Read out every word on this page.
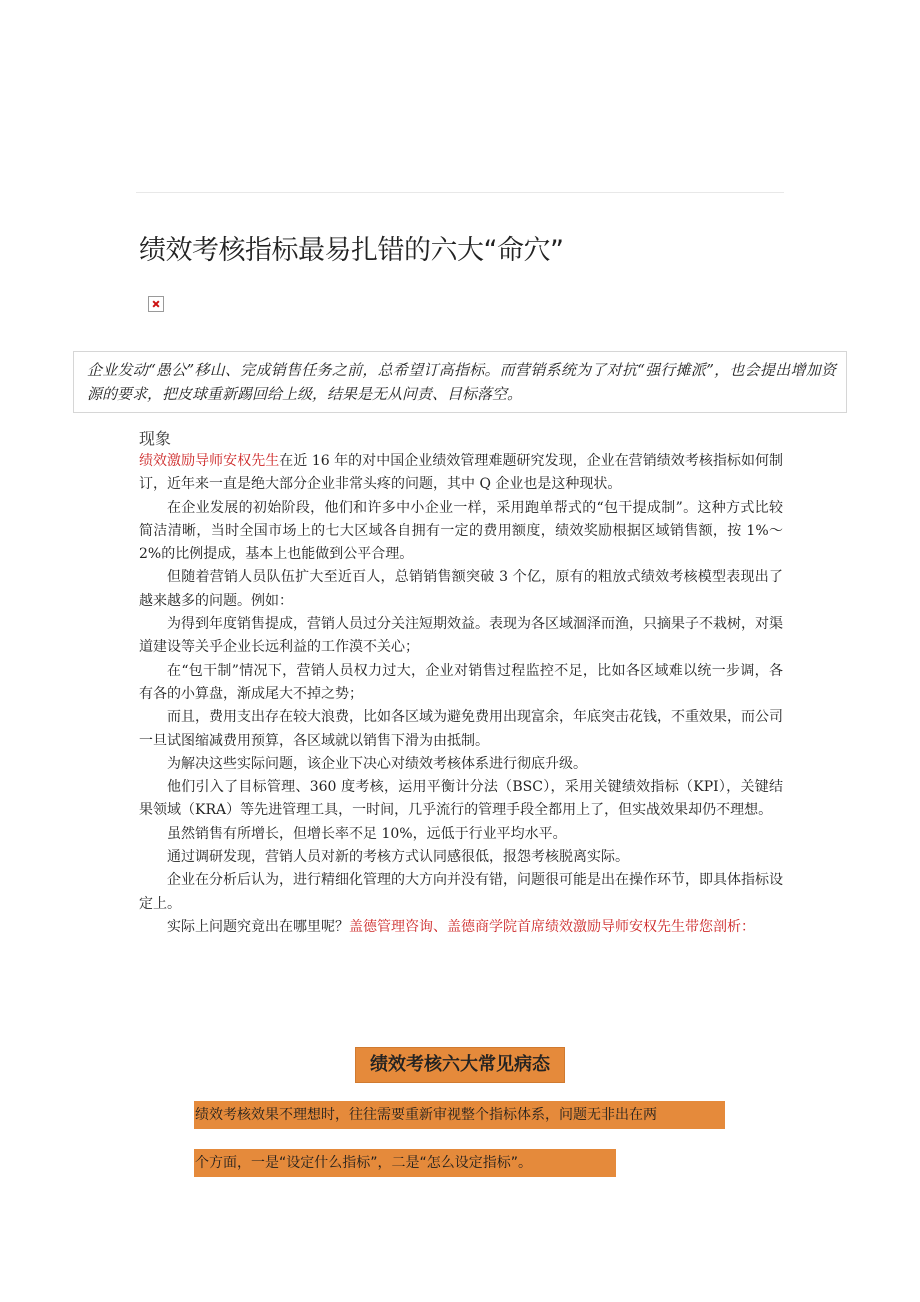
绩效考核指标最易扎错的六大“命穴”
企业发动“愚公”移山、完成销售任务之前，总希望订高指标。而营销系统为了对抗“强行摊派”，也会提出增加资源的要求，把皮球重新踢回给上级，结果是无从问责、目标落空。
现象

绩效激励导师安权先生在近 16 年的对中国企业绩效管理难题研究发现，企业在营销绩效考核指标如何制订，近年来一直是绝大部分企业非常头疼的问题，其中 Q 企业也是这种现状。

在企业发展的初始阶段，他们和许多中小企业一样，采用跑单帮式的“包干提成制”。这种方式比较简洁清晰，当时全国市场上的七大区域各自拥有一定的费用额度，绩效奖励根据区域销售额，按 1%～2%的比例提成，基本上也能做到公平合理。

但随着营销人员队伍扩大至近百人，总销销售额突破 3 个亿，原有的粗放式绩效考核模型表现出了越来越多的问题。例如：

为得到年度销售提成，营销人员过分关注短期效益。表现为各区域涸泽而渔，只摘果子不栽树，对渠道建设等关乎企业长远利益的工作漠不关心；

在“包干制”情况下，营销人员权力过大，企业对销售过程监控不足，比如各区域难以统一步调，各有各的小算盘，渐成尾大不掉之势；

而且，费用支出存在较大浪费，比如各区域为避免费用出现富余，年底突击花钱，不重效果，而公司一旦试图缩减费用预算，各区域就以销售下滑为由抵制。

为解决这些实际问题，该企业下决心对绩效考核体系进行彻底升级。

他们引入了目标管理、360 度考核，运用平衡计分法（BSC），采用关键绩效指标（KPI），关键结果领域（KRA）等先进管理工具，一时间，几乎流行的管理手段全都用上了，但实战效果却仍不理想。

虽然销售有所增长，但增长率不足 10%，远低于行业平均水平。

通过调研发现，营销人员对新的考核方式认同感很低，报怨考核脱离实际。

企业在分析后认为，进行精细化管理的大方向并没有错，问题很可能是出在操作环节，即具体指标设定上。

实际上问题究竟出在哪里呢？盖德管理咨询、盖德商学院首席绩效激励导师安权先生带您剖析：

绩效考核六大常见病态
绩效考核效果不理想时，往往需要重新审视整个指标体系，问题无非出在两
个方面，一是“设定什么指标”，二是“怎么设定指标”。
